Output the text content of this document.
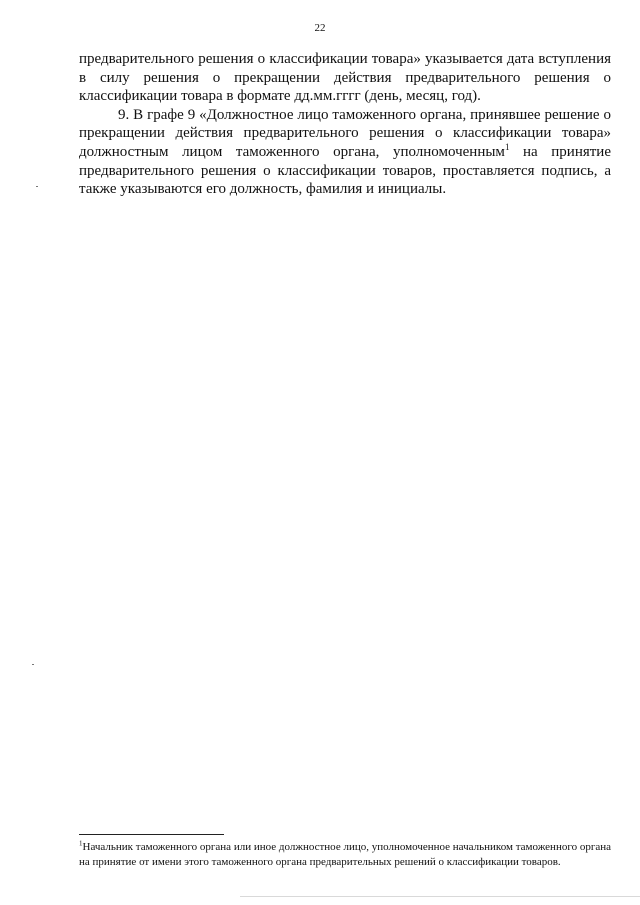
22

предварительного решения о классификации товара» указывается дата вступления в силу решения о прекращении действия предварительного решения о классификации товара в формате дд.мм.гггг (день, месяц, год).

9. В графе 9 «Должностное лицо таможенного органа, принявшее решение о прекращении действия предварительного решения о классификации товара» должностным лицом таможенного органа, уполномоченным$^1$ на принятие предварительного решения о классификации товаров, проставляется подпись, а также указываются его должность, фамилия и инициалы.

$^1$Начальник таможенного органа или иное должностное лицо, уполномоченное начальником таможенного органа на принятие от имени этого таможенного органа предварительных решений о классификации товаров.
